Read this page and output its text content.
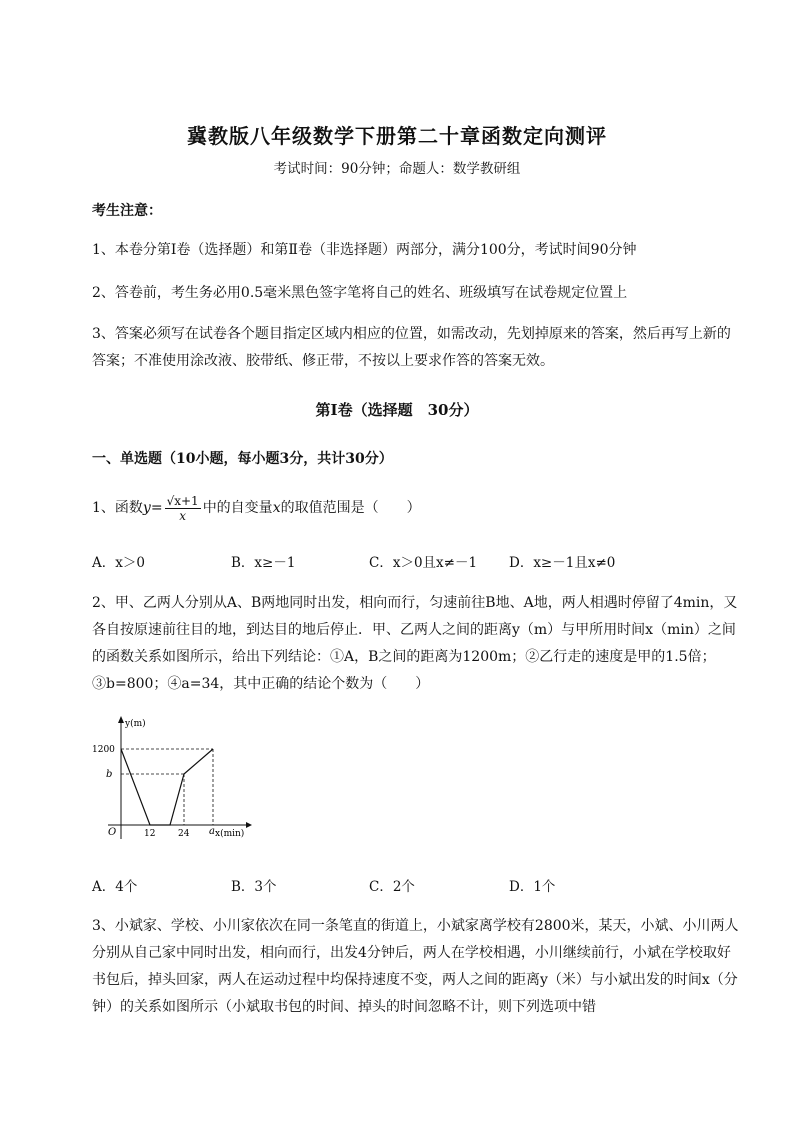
冀教版八年级数学下册第二十章函数定向测评
考试时间：90分钟；命题人：数学教研组

考生注意：

1、本卷分第I卷（选择题）和第Ⅱ卷（非选择题）两部分，满分100分，考试时间90分钟

2、答卷前，考生务必用0.5毫米黑色签字笔将自己的姓名、班级填写在试卷规定位置上

3、答案必须写在试卷各个题目指定区域内相应的位置，如需改动，先划掉原来的答案，然后再写上新的答案；不准使用涂改液、胶带纸、修正带，不按以上要求作答的答案无效。

第I卷（选择题　30分）

一、单选题（10小题，每小题3分，共计30分）

1、函数$y= \frac{√x+1}{x}$ 中的自变量x的取值范围是（　　）
A．x＞0	B．x≥－1	C．x＞0且x≠－1 D．x≥－1且x≠0

2、甲、乙两人分别从A、B两地同时出发，相向而行，匀速前往B地、A地，两人相遇时停留了4min，又各自按原速前往目的地，到达目的地后停止．甲、乙两人之间的距离y（m）与甲所用时间x（min）之间的函数关系如图所示，给出下列结论：①A，B之间的距离为1200m；②乙行走的速度是甲的1.5倍；③b=800；④a=34，其中正确的结论个数为（　　）

y(m)
x(min)
O
1200
b
12	24 a
A．4个	B．3个	C．2个	D．1个

3、小斌家、学校、小川家依次在同一条笔直的街道上，小斌家离学校有2800米，某天，小斌、小川两人分别从自己家中同时出发，相向而行，出发4分钟后，两人在学校相遇，小川继续前行，小斌在学校取好书包后，掉头回家，两人在运动过程中均保持速度不变，两人之间的距离y（米）与小斌出发的时间x（分钟）的关系如图所示（小斌取书包的时间、掉头的时间忽略不计，则下列选项中错
